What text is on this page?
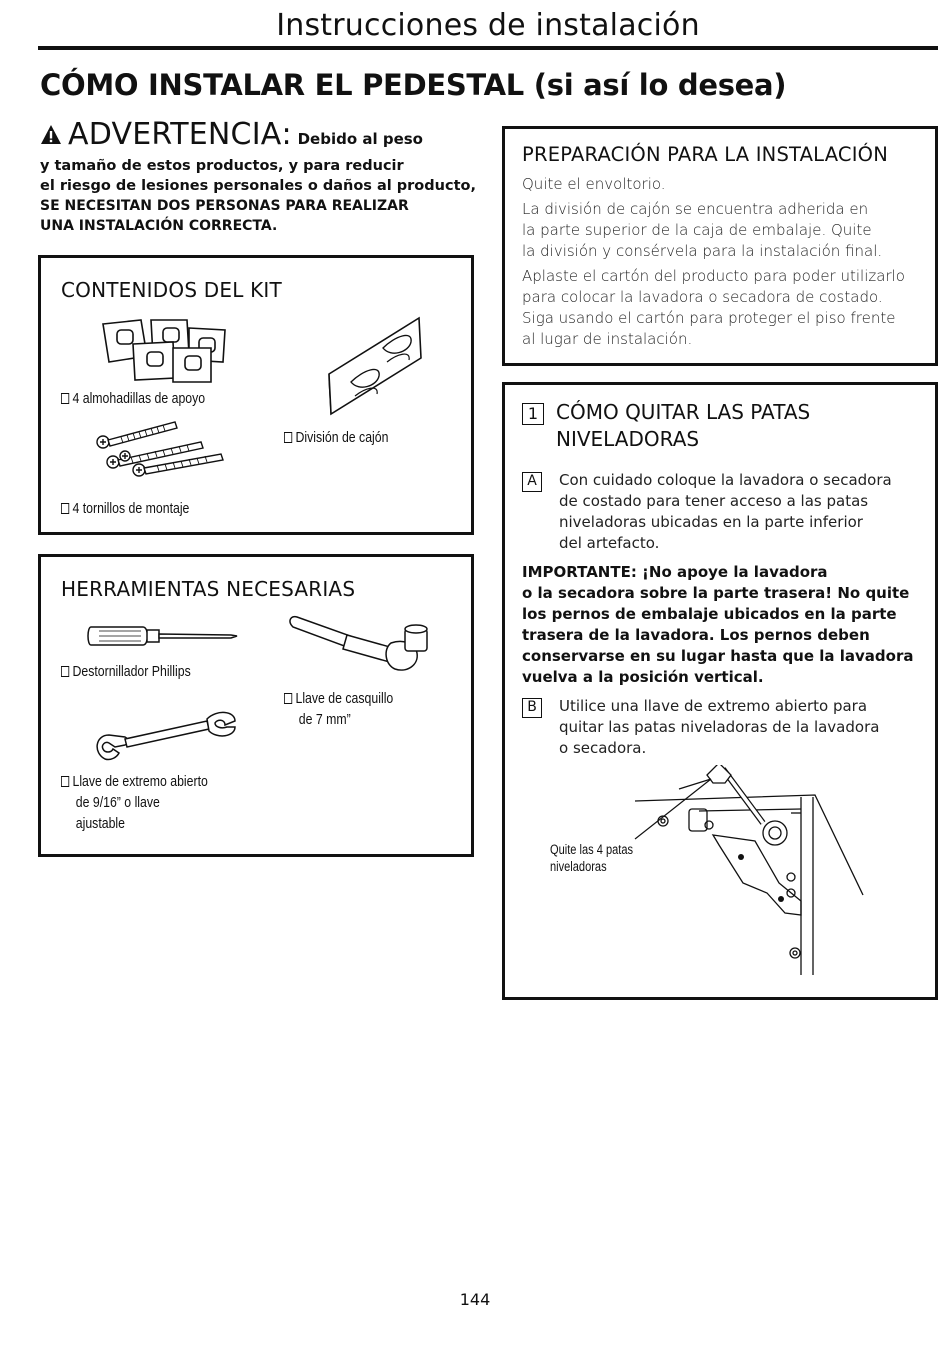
Instrucciones de instalación
CÓMO INSTALAR EL PEDESTAL (si así lo desea)
ADVERTENCIA : Debido al peso
y tamaño de estos productos, y para reducir
el riesgo de lesiones personales o daños al producto,
SE NECESITAN DOS PERSONAS PARA REALIZAR
UNA INSTALACIÓN CORRECTA.
CONTENIDOS DEL KIT
4 almohadillas de apoyo
División de cajón
4 tornillos de montaje
HERRAMIENTAS NECESARIAS
Destornillador Phillips
Llave de casquillo
de 7 mm”
Llave de extremo abierto
de 9/16” o llave
ajustable
PREPARACIÓN PARA LA INSTALACIÓN

Quite el envoltorio.

La división de cajón se encuentra adherida en
la parte superior de la caja de embalaje. Quite
la división y consérvela para la instalación final.

Aplaste el cartón del producto para poder utilizarlo
para colocar la lavadora o secadora de costado.
Siga usando el cartón para proteger el piso frente
al lugar de instalación.

1 CÓMO QUITAR LAS PATAS
NIVELADORAS
A	Con cuidado coloque la lavadora o secadora
de costado para tener acceso a las patas
niveladoras ubicadas en la parte inferior
del artefacto.
IMPORTANTE: ¡No apoye la lavadora
o la secadora sobre la parte trasera! No quite
los pernos de embalaje ubicados en la parte
trasera de la lavadora. Los pernos deben
conservarse en su lugar hasta que la lavadora
vuelva a la posición vertical.
B	Utilice una llave de extremo abierto para
quitar las patas niveladoras de la lavadora
o secadora.
Quite las 4 patas
niveladoras
144
